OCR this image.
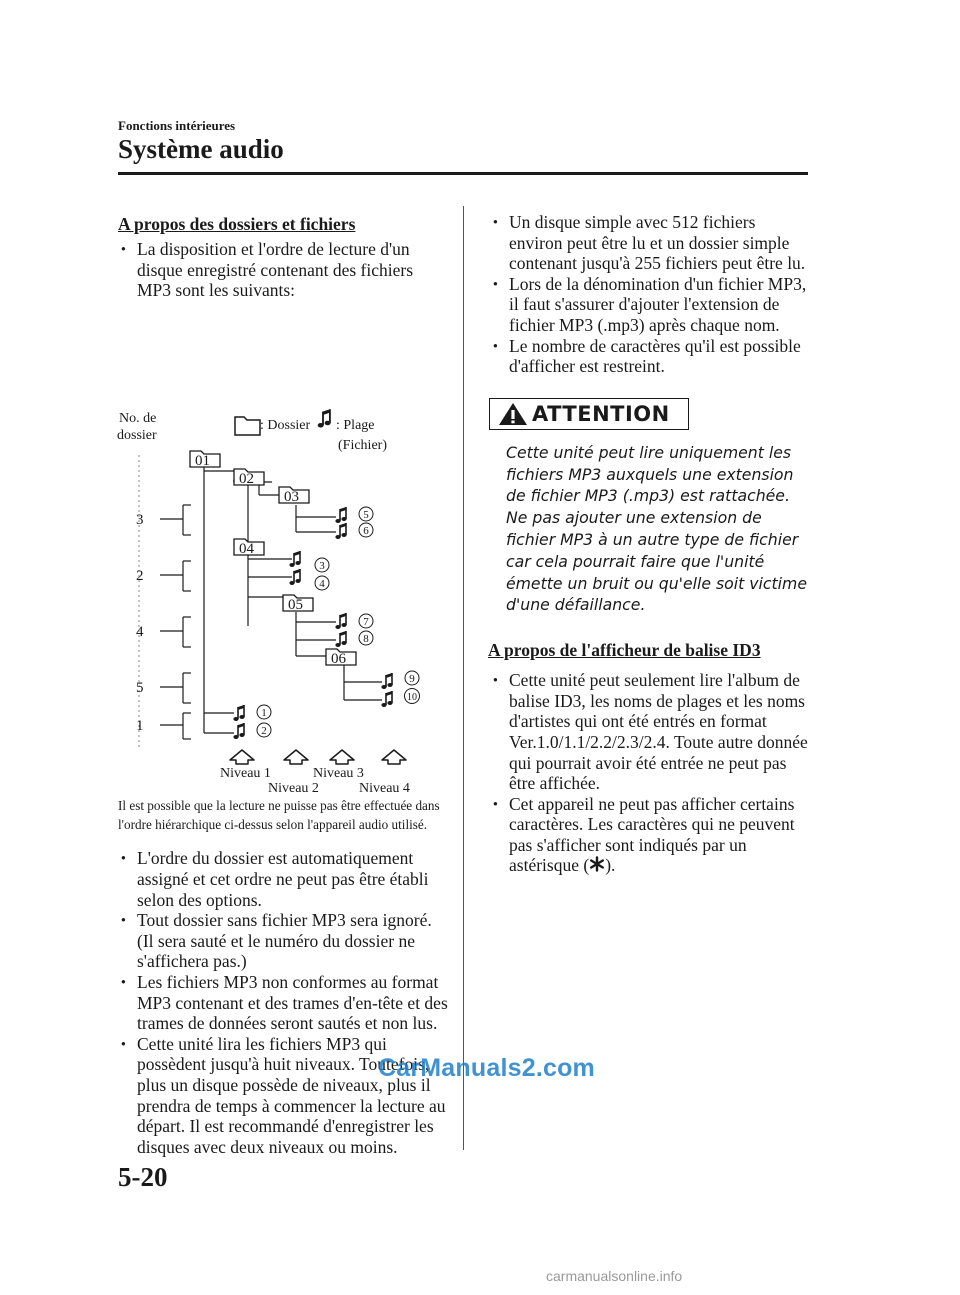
Fonctions intérieures
Système audio
A propos des dossiers et fichiers
● La disposition et l'ordre de lecture d'un disque enregistré contenant des fichiers MP3 sont les suivants:
No. de
dossier
: Dossier : Plage
(Fichier)
01
02
03
04
05
06
3
2
4
5
1
5
6
3
4
7
8
9
10
1
2
Niveau 1
Niveau 2
Niveau 3
Niveau 4
Il est possible que la lecture ne puisse pas être effectuée dans l'ordre hiérarchique ci-dessus selon l'appareil audio utilisé.
● L'ordre du dossier est automatiquement assigné et cet ordre ne peut pas être établi selon des options.
● Tout dossier sans fichier MP3 sera ignoré. (Il sera sauté et le numéro du dossier ne s'affichera pas.)
● Les fichiers MP3 non conformes au format MP3 contenant et des trames d'en-tête et des trames de données seront sautés et non lus.
● Cette unité lira les fichiers MP3 qui possèdent jusqu'à huit niveaux. Toutefois, plus un disque possède de niveaux, plus il prendra de temps à commencer la lecture au départ. Il est recommandé d'enregistrer les disques avec deux niveaux ou moins.
● Un disque simple avec 512 fichiers environ peut être lu et un dossier simple contenant jusqu'à 255 fichiers peut être lu.
● Lors de la dénomination d'un fichier MP3, il faut s'assurer d'ajouter l'extension de fichier MP3 (.mp3) après chaque nom.
● Le nombre de caractères qu'il est possible d'afficher est restreint.
ATTENTION
Cette unité peut lire uniquement les fichiers MP3 auxquels une extension de fichier MP3 (.mp3) est rattachée. Ne pas ajouter une extension de fichier MP3 à un autre type de fichier car cela pourrait faire que l'unité émette un bruit ou qu'elle soit victime d'une défaillance.
A propos de l'afficheur de balise ID3
● Cette unité peut seulement lire l'album de balise ID3, les noms de plages et les noms d'artistes qui ont été entrés en format Ver.1.0/1.1/2.2/2.3/2.4. Toute autre donnée qui pourrait avoir été entrée ne peut pas être affichée.
● Cet appareil ne peut pas afficher certains caractères. Les caractères qui ne peuvent pas s'afficher sont indiqués par un astérisque ( ).
CarManuals2.com
5-20
carmanualsonline.info
